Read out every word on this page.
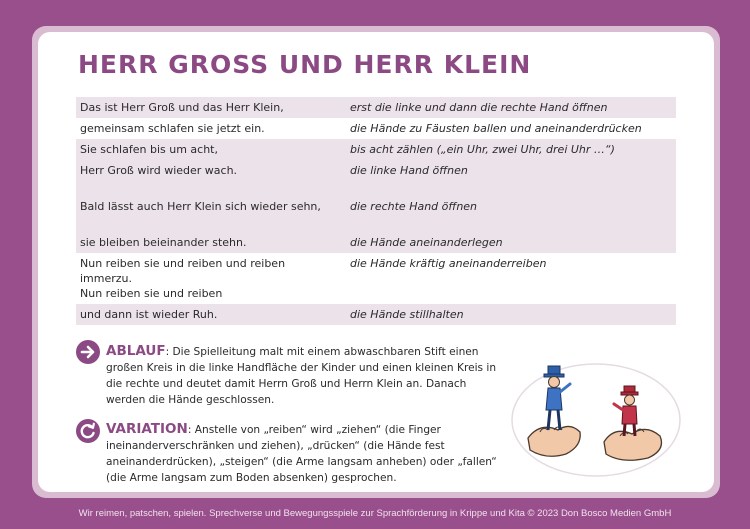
HERR GROSS UND HERR KLEIN
Das ist Herr Groß und das Herr Klein,	erst die linke und dann die rechte Hand öffnen
gemeinsam schlafen sie jetzt ein.	die Hände zu Fäusten ballen und aneinanderdrücken
Sie schlafen bis um acht,	bis acht zählen („ein Uhr, zwei Uhr, drei Uhr …“)
Herr Groß wird wieder wach.	die linke Hand öffnen
Bald lässt auch Herr Klein sich wieder sehn,	die rechte Hand öffnen
sie bleiben beieinander stehn.	die Hände aneinanderlegen

Nun reiben sie und reiben und reiben immerzu.
Nun reiben sie und reiben	die Hände kräftig aneinanderreiben
und dann ist wieder Ruh.	die Hände stillhalten
ABLAUF: Die Spielleitung malt mit einem abwaschbaren Stift einen großen Kreis in die linke Handfläche der Kinder und einen kleinen Kreis in die rechte und deutet damit Herrn Groß und Herrn Klein an. Danach werden die Hände geschlossen.
VARIATION: Anstelle von „reiben“ wird „ziehen“ (die Finger ineinanderverschränken und ziehen), „drücken“ (die Hände fest aneinanderdrücken), „steigen“ (die Arme langsam anheben) oder „fallen“ (die Arme langsam zum Boden absenken) gesprochen.
Wir reimen, patschen, spielen. Sprechverse und Bewegungsspiele zur Sprachförderung in Krippe und Kita © 2023 Don Bosco Medien GmbH
